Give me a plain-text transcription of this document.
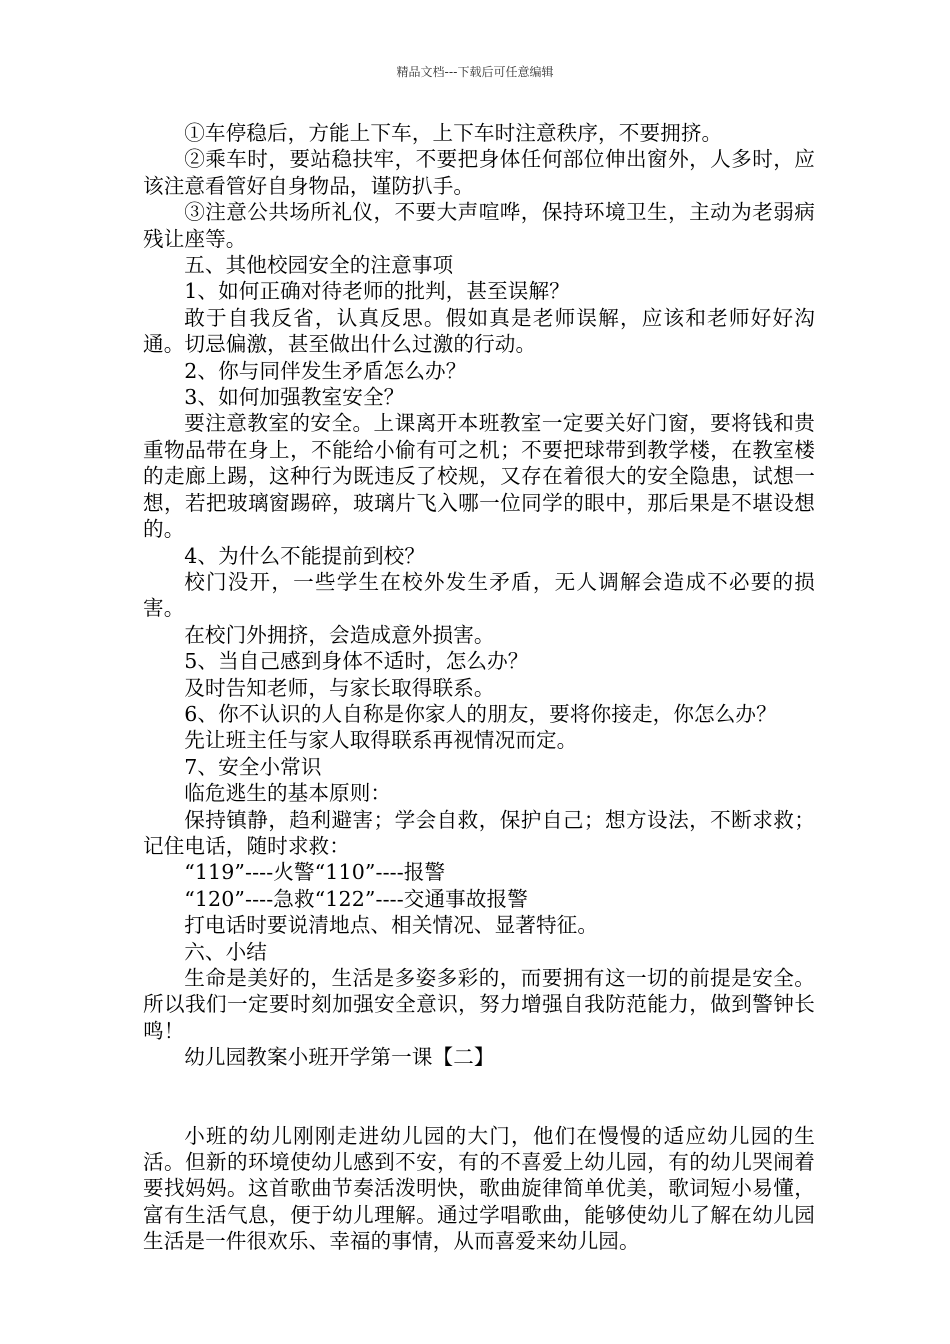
精品文档---下载后可任意编辑

①车停稳后，方能上下车，上下车时注意秩序，不要拥挤。

②乘车时，要站稳扶牢，不要把身体任何部位伸出窗外，人多时，应该注意看管好自身物品，谨防扒手。

③注意公共场所礼仪，不要大声喧哗，保持环境卫生，主动为老弱病残让座等。

五、其他校园安全的注意事项

1、如何正确对待老师的批判，甚至误解？

敢于自我反省，认真反思。假如真是老师误解，应该和老师好好沟通。切忌偏激，甚至做出什么过激的行动。

2、你与同伴发生矛盾怎么办？

3、如何加强教室安全？

要注意教室的安全。上课离开本班教室一定要关好门窗，要将钱和贵重物品带在身上，不能给小偷有可之机；不要把球带到教学楼，在教室楼的走廊上踢，这种行为既违反了校规，又存在着很大的安全隐患，试想一想，若把玻璃窗踢碎，玻璃片飞入哪一位同学的眼中，那后果是不堪设想的。

4、为什么不能提前到校？

校门没开，一些学生在校外发生矛盾，无人调解会造成不必要的损害。

在校门外拥挤，会造成意外损害。

5、当自己感到身体不适时，怎么办？

及时告知老师，与家长取得联系。

6、你不认识的人自称是你家人的朋友，要将你接走，你怎么办？

先让班主任与家人取得联系再视情况而定。

7、安全小常识

临危逃生的基本原则：

保持镇静，趋利避害；学会自救，保护自己；想方设法，不断求救；记住电话，随时求救：

“119”----火警“110”----报警

“120”----急救“122”----交通事故报警

打电话时要说清地点、相关情况、显著特征。

六、小结

生命是美好的，生活是多姿多彩的，而要拥有这一切的前提是安全。所以我们一定要时刻加强安全意识，努力增强自我防范能力，做到警钟长鸣！

幼儿园教案小班开学第一课【二】

小班的幼儿刚刚走进幼儿园的大门，他们在慢慢的适应幼儿园的生活。但新的环境使幼儿感到不安，有的不喜爱上幼儿园，有的幼儿哭闹着要找妈妈。这首歌曲节奏活泼明快，歌曲旋律简单优美，歌词短小易懂，富有生活气息，便于幼儿理解。通过学唱歌曲，能够使幼儿了解在幼儿园生活是一件很欢乐、幸福的事情，从而喜爱来幼儿园。
